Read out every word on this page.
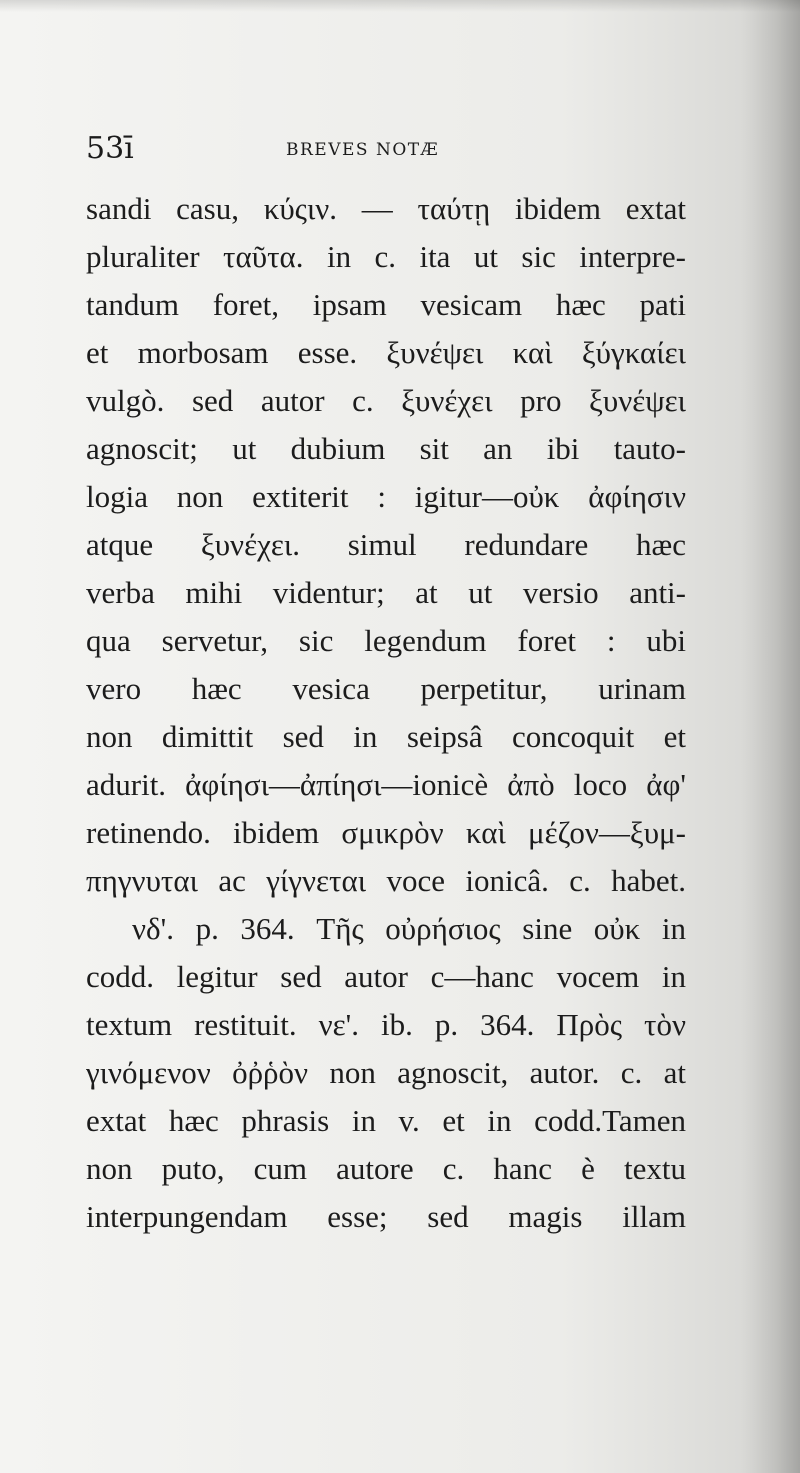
53ī	BREVES NOTÆ
sandi casu, κύςιν. — ταύτῃ ibidem extat
pluraliter ταῦτα. in c. ita ut sic interpre-
tandum foret, ipsam vesicam hæc pati
et morbosam esse. ξυνέψει καὶ ξύγκαίει
vulgò. sed autor c. ξυνέχει pro ξυνέψει
agnoscit; ut dubium sit an ibi tauto-
logia non extiterit : igitur—οὐκ ἀφίησιν
atque ξυνέχει. simul redundare hæc
verba mihi videntur; at ut versio anti-
qua servetur, sic legendum foret : ubi
vero hæc vesica perpetitur, urinam
non dimittit sed in seipsâ concoquit et
adurit. ἀφίησι—ἀπίησι—ionicè ἀπὸ loco ἀφ'
retinendo. ibidem σμικρὸν καὶ μέζον—ξυμ-
πηγνυται ac γίγνεται voce ionicâ. c. habet.
νδ'. p. 364. Τῆς οὐρήσιος sine οὐκ in
codd. legitur sed autor c—hanc vocem in
textum restituit. νε'. ib. p. 364. Πρὸς τὸν
γινόμενον ὀῤῥὸν non agnoscit, autor. c. at
extat hæc phrasis in v. et in codd.Tamen
non puto, cum autore c. hanc è textu
interpungendam esse; sed magis illam
